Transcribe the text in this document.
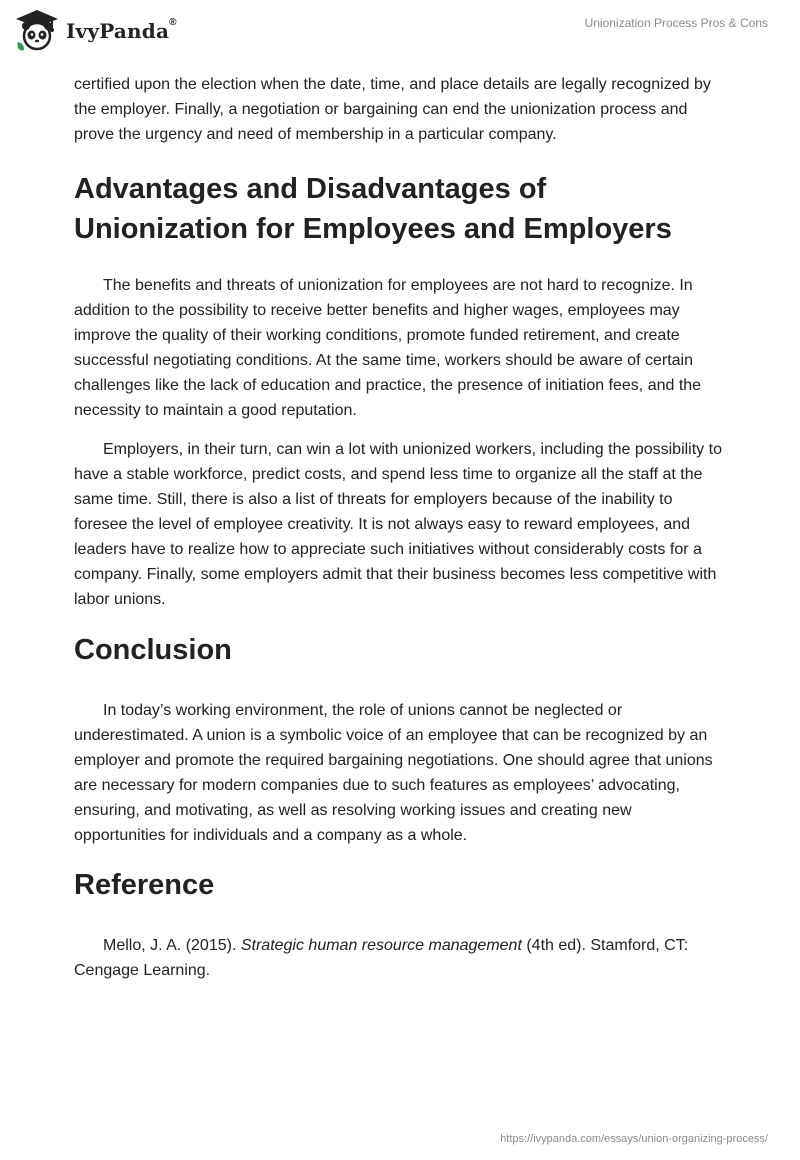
IvyPanda®	Unionization Process Pros & Cons

certified upon the election when the date, time, and place details are legally recognized by the employer. Finally, a negotiation or bargaining can end the unionization process and prove the urgency and need of membership in a particular company.

Advantages and Disadvantages of Unionization for Employees and Employers

The benefits and threats of unionization for employees are not hard to recognize. In addition to the possibility to receive better benefits and higher wages, employees may improve the quality of their working conditions, promote funded retirement, and create successful negotiating conditions. At the same time, workers should be aware of certain challenges like the lack of education and practice, the presence of initiation fees, and the necessity to maintain a good reputation.

Employers, in their turn, can win a lot with unionized workers, including the possibility to have a stable workforce, predict costs, and spend less time to organize all the staff at the same time. Still, there is also a list of threats for employers because of the inability to foresee the level of employee creativity. It is not always easy to reward employees, and leaders have to realize how to appreciate such initiatives without considerably costs for a company. Finally, some employers admit that their business becomes less competitive with labor unions.

Conclusion

In today’s working environment, the role of unions cannot be neglected or underestimated. A union is a symbolic voice of an employee that can be recognized by an employer and promote the required bargaining negotiations. One should agree that unions are necessary for modern companies due to such features as employees’ advocating, ensuring, and motivating, as well as resolving working issues and creating new opportunities for individuals and a company as a whole.

Reference

Mello, J. A. (2015). Strategic human resource management (4th ed). Stamford, CT: Cengage Learning.

https://ivypanda.com/essays/union-organizing-process/
